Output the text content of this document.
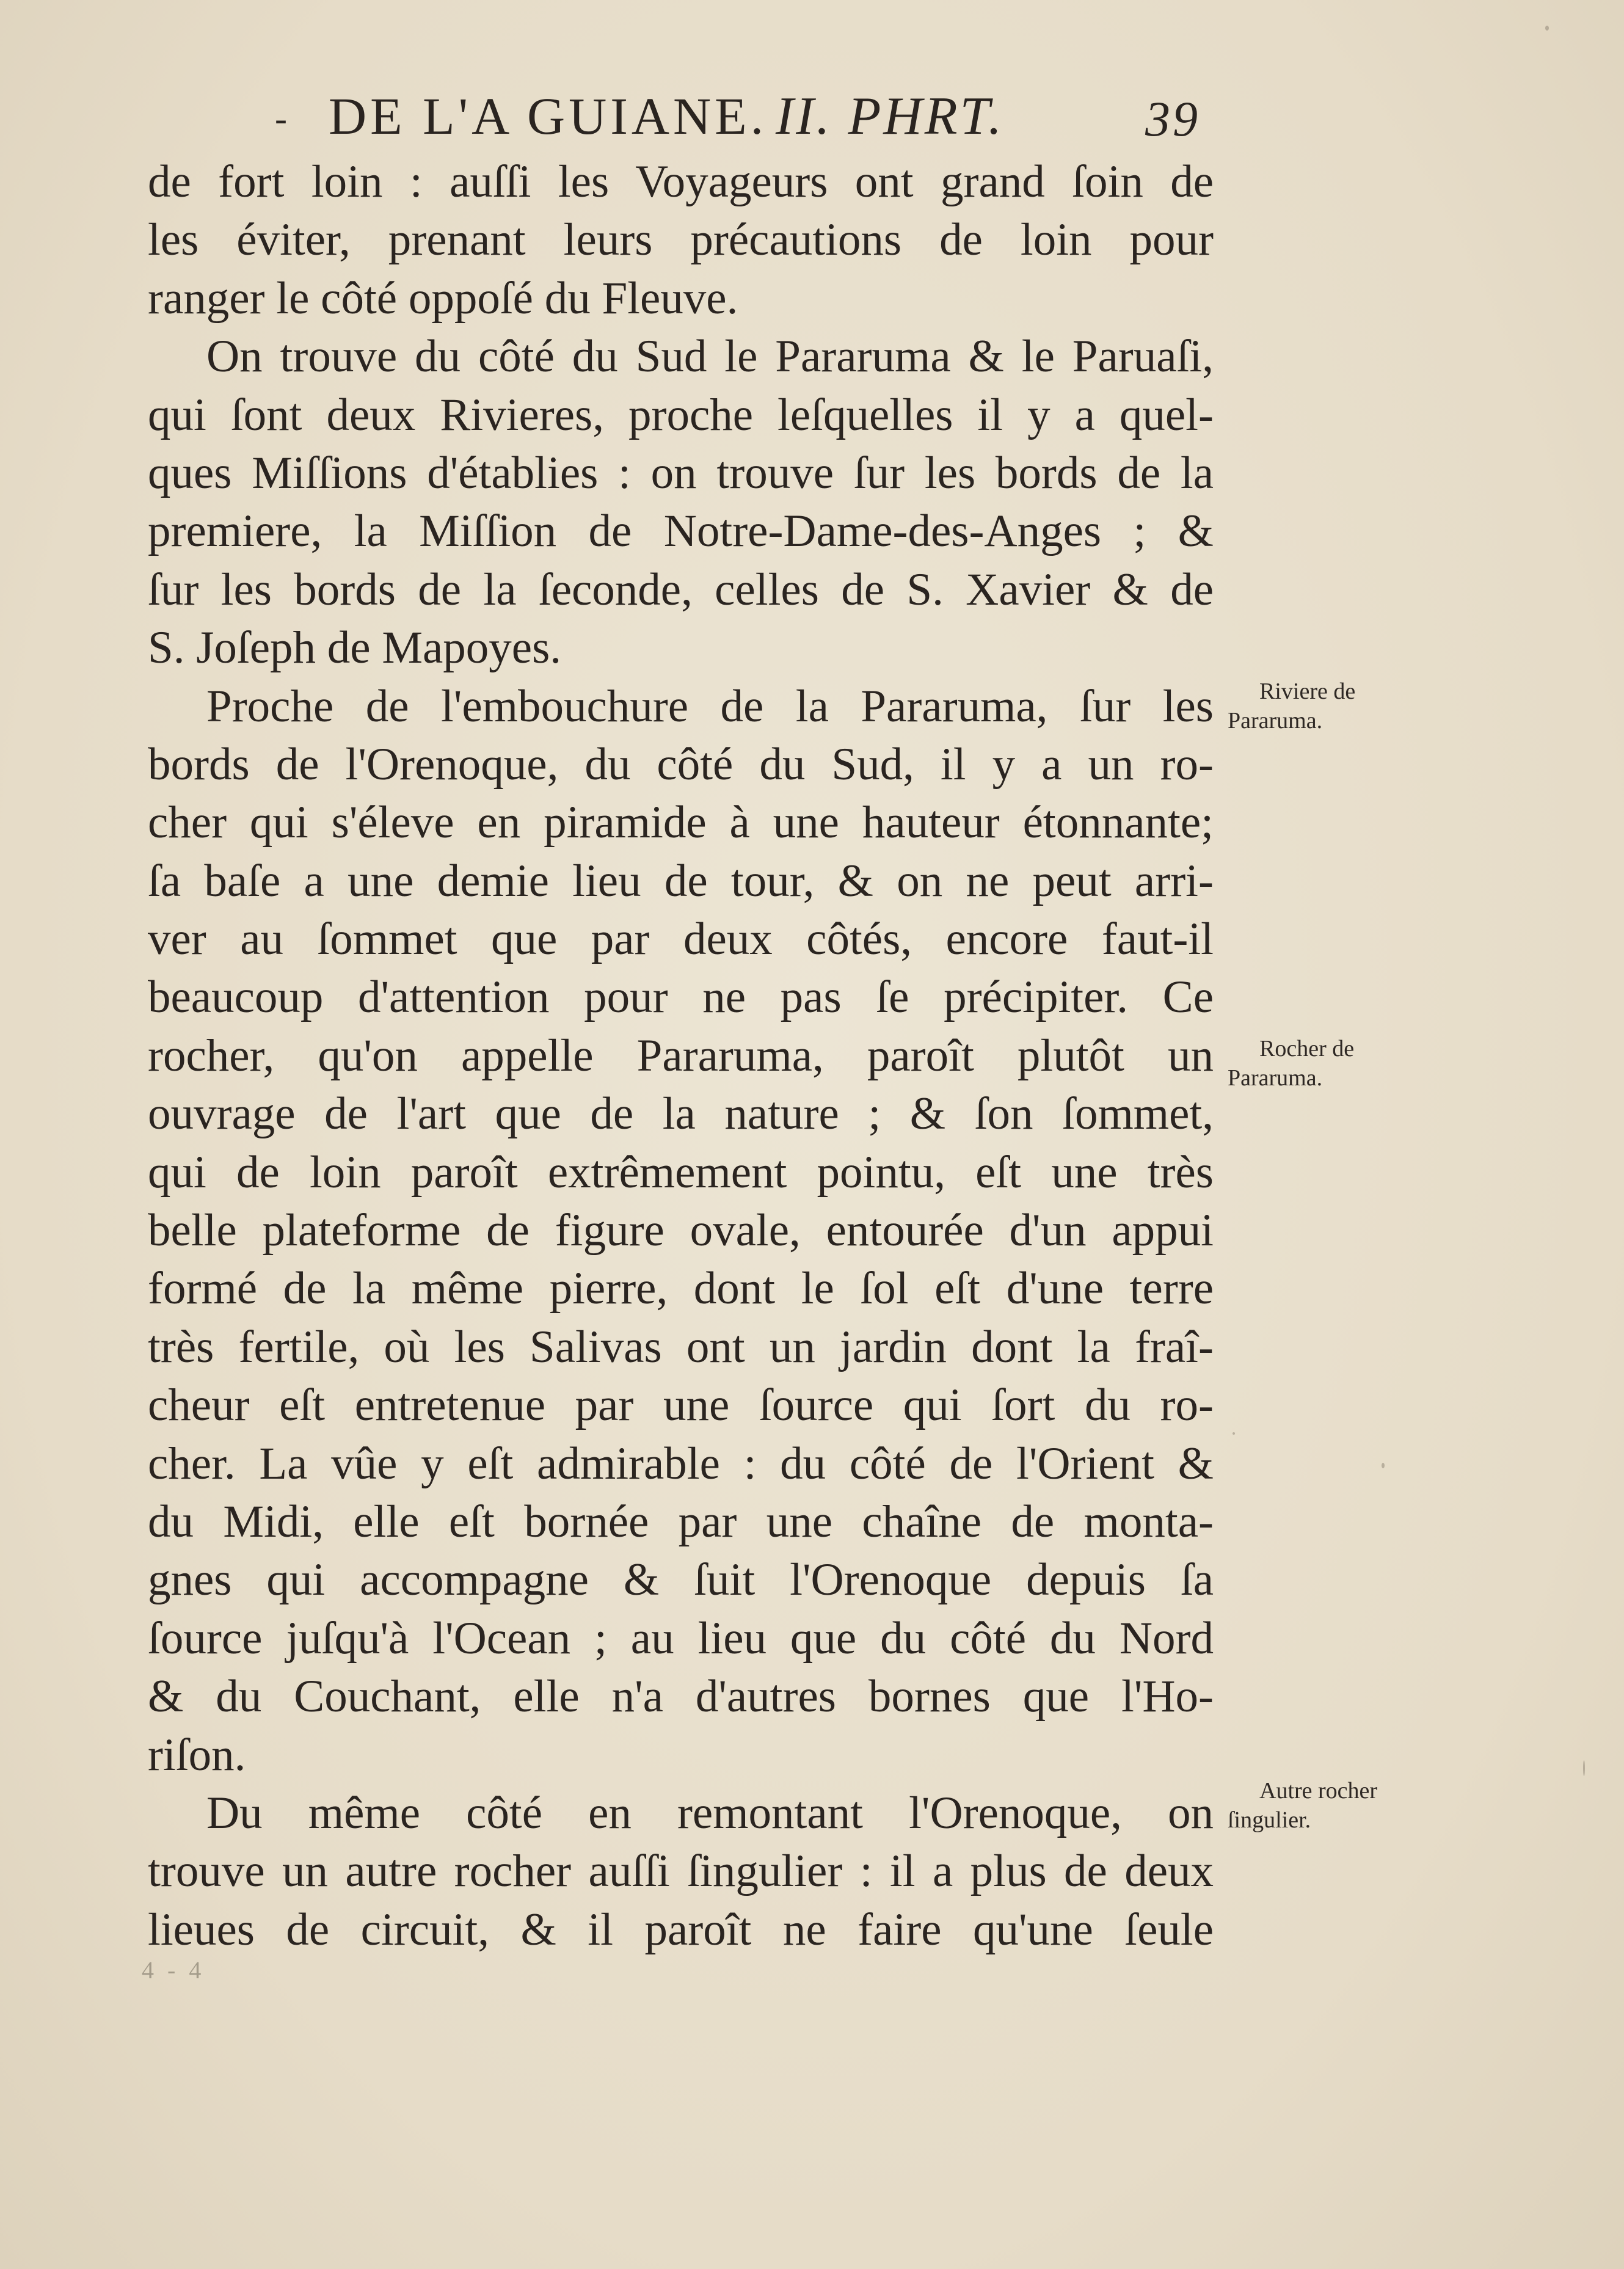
- DE L'A GUIANE. II. PHRT.	39
de fort loin : auſſi les Voyageurs ont grand ſoin de
les éviter, prenant leurs précautions de loin pour
ranger le côté oppoſé du Fleuve.
On trouve du côté du Sud le Pararuma & le Paruaſi,
qui ſont deux Rivieres, proche leſquelles il y a quel-
ques Miſſions d'établies : on trouve ſur les bords de la
premiere, la Miſſion de Notre-Dame-des-Anges ; &
ſur les bords de la ſeconde, celles de S. Xavier & de
S. Joſeph de Mapoyes.
Proche de l'embouchure de la Pararuma, ſur les
bords de l'Orenoque, du côté du Sud, il y a un ro-
cher qui s'éleve en piramide à une hauteur étonnante;
ſa baſe a une demie lieu de tour, & on ne peut arri-
ver au ſommet que par deux côtés, encore faut-il
beaucoup d'attention pour ne pas ſe précipiter. Ce
rocher, qu'on appelle Pararuma, paroît plutôt un
ouvrage de l'art que de la nature ; & ſon ſommet,
qui de loin paroît extrêmement pointu, eſt une très
belle plateforme de figure ovale, entourée d'un appui
formé de la même pierre, dont le ſol eſt d'une terre
très fertile, où les Salivas ont un jardin dont la fraî-
cheur eſt entretenue par une ſource qui ſort du ro-
cher. La vûe y eſt admirable : du côté de l'Orient &
du Midi, elle eſt bornée par une chaîne de monta-
gnes qui accompagne & ſuit l'Orenoque depuis ſa
ſource juſqu'à l'Ocean ; au lieu que du côté du Nord
& du Couchant, elle n'a d'autres bornes que l'Ho-
riſon.
Du même côté en remontant l'Orenoque, on
trouve un autre rocher auſſi ſingulier : il a plus de deux
lieues de circuit, & il paroît ne faire qu'une ſeule
Riviere de
Pararuma.
Rocher de
Pararuma.
Autre rocher
ſingulier.
4 - 4
